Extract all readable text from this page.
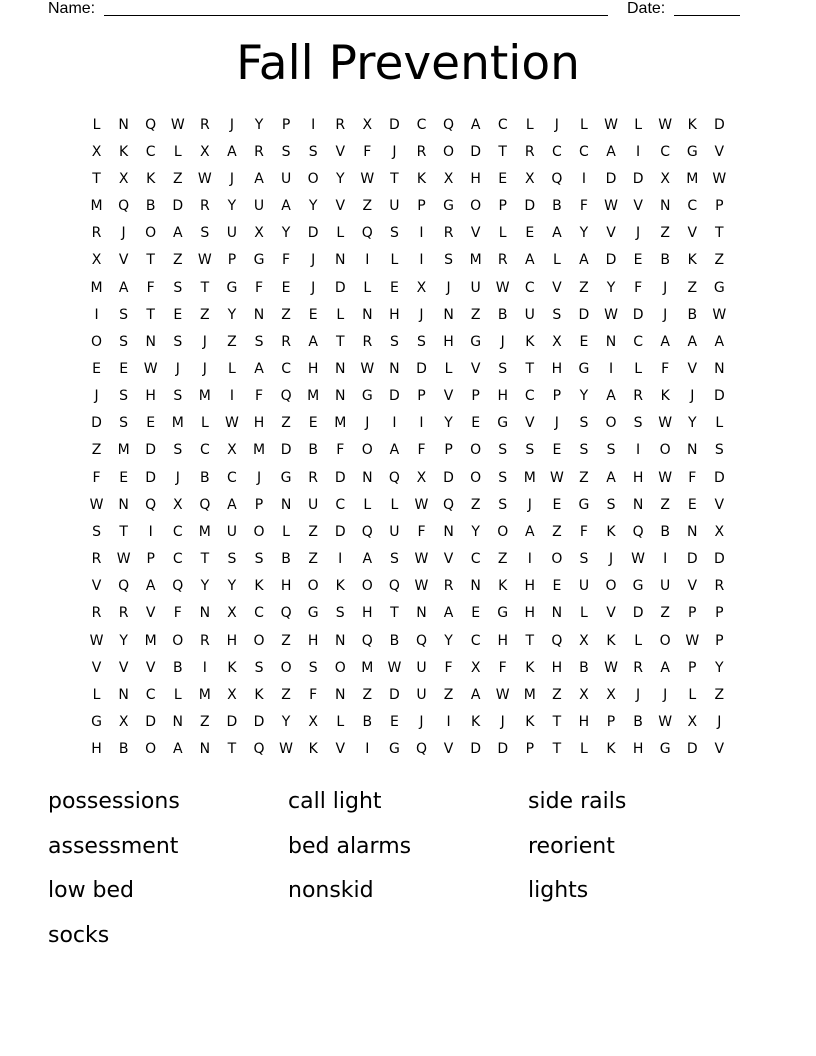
Name:	Date:
Fall Prevention
L	N	Q	W	R	J	Y	P	I	R	X	D	C	Q	A	C	L	J	L	W	L	W	K	D
X	K	C	L	X	A	R	S	S	V	F	J	R	O	D	T	R	C	C	A	I	C	G	V
T	X	K	Z	W	J	A	U	O	Y	W	T	K	X	H	E	X	Q	I	D	D	X	M	W
M	Q	B	D	R	Y	U	A	Y	V	Z	U	P	G	O	P	D	B	F	W	V	N	C	P
R	J	O	A	S	U	X	Y	D	L	Q	S	I	R	V	L	E	A	Y	V	J	Z	V	T
X	V	T	Z	W	P	G	F	J	N	I	L	I	S	M	R	A	L	A	D	E	B	K	Z
M	A	F	S	T	G	F	E	J	D	L	E	X	J	U	W	C	V	Z	Y	F	J	Z	G
I	S	T	E	Z	Y	N	Z	E	L	N	H	J	N	Z	B	U	S	D	W	D	J	B	W
O	S	N	S	J	Z	S	R	A	T	R	S	S	H	G	J	K	X	E	N	C	A	A	A
E	E	W	J	J	L	A	C	H	N	W	N	D	L	V	S	T	H	G	I	L	F	V	N
J	S	H	S	M	I	F	Q	M	N	G	D	P	V	P	H	C	P	Y	A	R	K	J	D
D	S	E	M	L	W	H	Z	E	M	J	I	I	Y	E	G	V	J	S	O	S	W	Y	L
Z	M	D	S	C	X	M	D	B	F	O	A	F	P	O	S	S	E	S	S	I	O	N	S
F	E	D	J	B	C	J	G	R	D	N	Q	X	D	O	S	M	W	Z	A	H	W	F	D
W	N	Q	X	Q	A	P	N	U	C	L	L	W	Q	Z	S	J	E	G	S	N	Z	E	V
S	T	I	C	M	U	O	L	Z	D	Q	U	F	N	Y	O	A	Z	F	K	Q	B	N	X
R	W	P	C	T	S	S	B	Z	I	A	S	W	V	C	Z	I	O	S	J	W	I	D	D
V	Q	A	Q	Y	Y	K	H	O	K	O	Q	W	R	N	K	H	E	U	O	G	U	V	R
R	R	V	F	N	X	C	Q	G	S	H	T	N	A	E	G	H	N	L	V	D	Z	P	P
W	Y	M	O	R	H	O	Z	H	N	Q	B	Q	Y	C	H	T	Q	X	K	L	O	W	P
V	V	V	B	I	K	S	O	S	O	M	W	U	F	X	F	K	H	B	W	R	A	P	Y
L	N	C	L	M	X	K	Z	F	N	Z	D	U	Z	A	W	M	Z	X	X	J	J	L	Z
G	X	D	N	Z	D	D	Y	X	L	B	E	J	I	K	J	K	T	H	P	B	W	X	J
H	B	O	A	N	T	Q	W	K	V	I	G	Q	V	D	D	P	T	L	K	H	G	D	V
possessions	call light	side rails
assessment	bed alarms	reorient
low bed	nonskid	lights
socks
